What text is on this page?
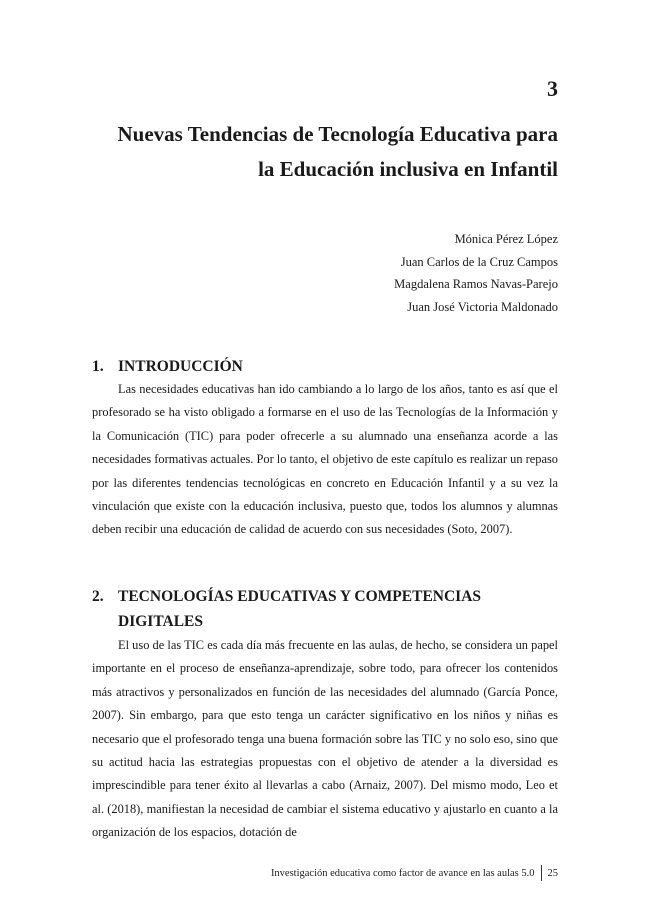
3
Nuevas Tendencias de Tecnología Educativa para
la Educación inclusiva en Infantil
Mónica Pérez López
Juan Carlos de la Cruz Campos
Magdalena Ramos Navas-Parejo
Juan José Victoria Maldonado
1. INTRODUCCIÓN

Las necesidades educativas han ido cambiando a lo largo de los años, tanto es así que el profesorado se ha visto obligado a formarse en el uso de las Tecnologías de la Información y la Comunicación (TIC) para poder ofrecerle a su alumnado una enseñanza acorde a las necesidades formativas actuales. Por lo tanto, el objetivo de este capítulo es realizar un repaso por las diferentes tendencias tecnológicas en concreto en Educación Infantil y a su vez la vinculación que existe con la educación inclusiva, puesto que, todos los alumnos y alumnas deben recibir una educación de calidad de acuerdo con sus necesidades (Soto, 2007).

2. TECNOLOGÍAS EDUCATIVAS Y COMPETENCIAS
DIGITALES

El uso de las TIC es cada día más frecuente en las aulas, de hecho, se considera un papel importante en el proceso de enseñanza-aprendizaje, sobre todo, para ofrecer los contenidos más atractivos y personalizados en función de las necesidades del alumnado (García Ponce, 2007). Sin embargo, para que esto tenga un carácter significativo en los niños y niñas es necesario que el profesorado tenga una buena formación sobre las TIC y no solo eso, sino que su actitud hacia las estrategias propuestas con el objetivo de atender a la diversidad es imprescindible para tener éxito al llevarlas a cabo (Arnaiz, 2007). Del mismo modo, Leo et al. (2018), manifiestan la necesidad de cambiar el sistema educativo y ajustarlo en cuanto a la organización de los espacios, dotación de

Investigación educativa como factor de avance en las aulas 5.0 25
